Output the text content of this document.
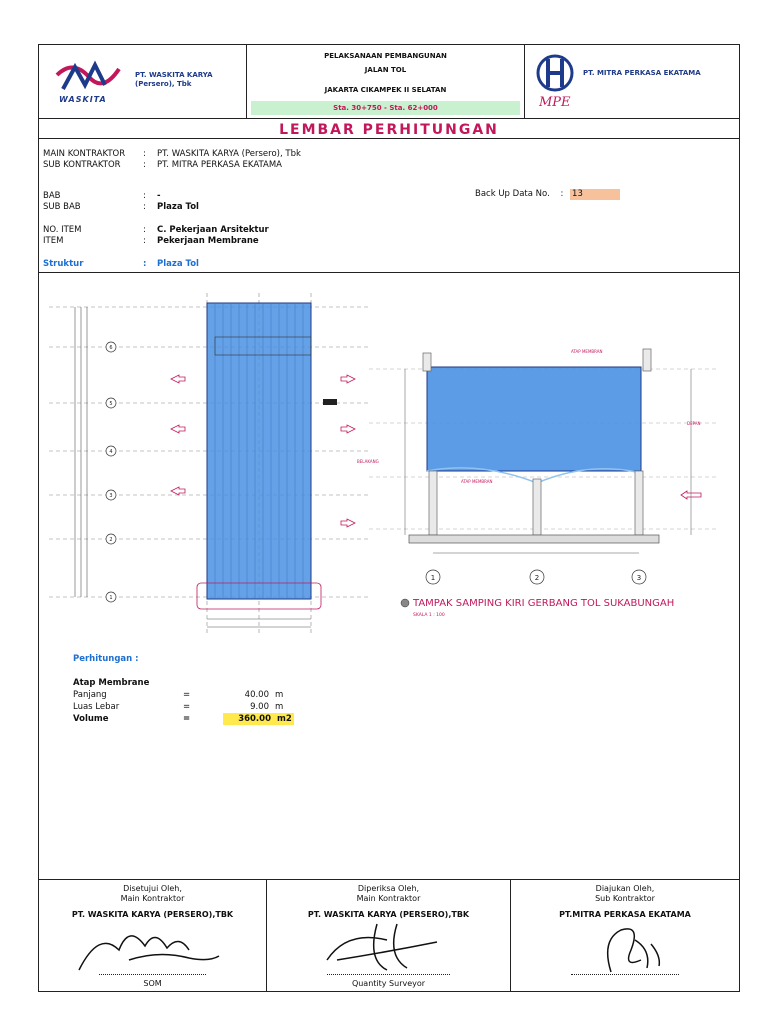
WASKITA
PT. WASKITA KARYA
(Persero), Tbk
PELAKSANAAN PEMBANGUNAN
JALAN TOL
JAKARTA CIKAMPEK II SELATAN
Sta. 30+750 - Sta. 62+000	MPE
PT. MITRA PERKASA EKATAMA
LEMBAR PERHITUNGAN
MAIN KONTRAKTOR : PT. WASKITA KARYA (Persero), Tbk
SUB KONTRAKTOR	: PT. MITRA PERKASA EKATAMA
BAB	: -
SUB BAB	: Plaza Tol
NO. ITEM	: C. Pekerjaan Arsitektur
ITEM	: Pekerjaan Membrane
Struktur	: Plaza Tol
Back Up Data No. : 13
6
5
4
3
2
1
1	2	3
ATAP MEMBRAN
ATAP MEMBRAN
DEPAN
BELAKANG
TAMPAK SAMPING KIRI GERBANG TOL SUKABUNGAH
SKALA 1 : 100
Perhitungan :
Atap Membrane
Panjang	=	40.00 m
Luas Lebar	=	9.00 m
Volume	=	360.00 m2
Disetujui Oleh,
Main Kontraktor
PT. WASKITA KARYA (PERSERO),TBK
SOM
Diperiksa Oleh,
Main Kontraktor
PT. WASKITA KARYA (PERSERO),TBK
Quantity Surveyor
Diajukan Oleh,
Sub Kontraktor
PT.MITRA PERKASA EKATAMA
